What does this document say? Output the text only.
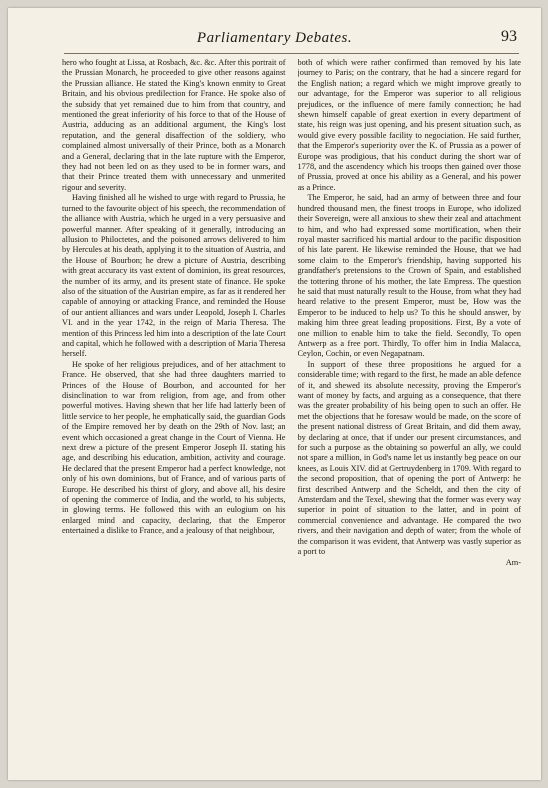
Parliamentary Debates.	93

hero who fought at Lissa, at Rosbach, &c. &c. After this portrait of the Prussian Monarch, he proceeded to give other reasons against the Prussian alliance. He stated the King's known enmity to Great Britain, and his obvious predilection for France. He spoke also of the subsidy that yet remained due to him from that country, and mentioned the great inferiority of his force to that of the House of Austria, adducing as an additional argument, the King's lost reputation, and the general disaffection of the soldiery, who complained almost universally of their Prince, both as a Monarch and a General, declaring that in the late rupture with the Emperor, they had not been led on as they used to be in former wars, and that their Prince treated them with unnecessary and unmerited rigour and severity.

Having finished all he wished to urge with regard to Prussia, he turned to the favourite object of his speech, the recommendation of the alliance with Austria, which he urged in a very persuasive and powerful manner. After speaking of it generally, introducing an allusion to Philoctetes, and the poisoned arrows delivered to him by Hercules at his death, applying it to the situation of Austria, and the House of Bourbon; he drew a picture of Austria, describing with great accuracy its vast extent of dominion, its great resources, the number of its army, and its present state of finance. He spoke also of the situation of the Austrian empire, as far as it rendered her capable of annoying or attacking France, and reminded the House of our antient alliances and wars under Leopold, Joseph I. Charles VI. and in the year 1742, in the reign of Maria Theresa. The mention of this Princess led him into a description of the late Court and capital, which he followed with a description of Maria Theresa herself.

He spoke of her religious prejudices, and of her attachment to France. He observed, that she had three daughters married to Princes of the House of Bourbon, and accounted for her disinclination to war from religion, from age, and from other powerful motives. Having shewn that her life had latterly been of little service to her people, he emphatically said, the guardian Gods of the Empire removed her by death on the 29th of Nov. last; an event which occasioned a great change in the Court of Vienna. He next drew a picture of the present Emperor Joseph II. stating his age, and describing his education, ambition, activity and courage. He declared that the present Emperor had a perfect knowledge, not only of his own dominions, but of France, and of various parts of Europe. He described his thirst of glory, and above all, his desire of opening the commerce of India, and the world, to his subjects, in glowing terms. He followed this with an eulogium on his enlarged mind and capacity, declaring, that the Emperor entertained a dislike to France, and a jealousy of that neighbour,

both of which were rather confirmed than removed by his late journey to Paris; on the contrary, that he had a sincere regard for the English nation; a regard which we might improve greatly to our advantage, for the Emperor was superior to all religious prejudices, or the influence of mere family connection; he had shewn himself capable of great exertion in every department of state, his reign was just opening, and his present situation such, as would give every possible facility to negociation. He said further, that the Emperor's superiority over the K. of Prussia as a power of Europe was prodigious, that his conduct during the short war of 1778, and the ascendency which his troops then gained over those of Prussia, proved at once his ability as a General, and his power as a Prince.

The Emperor, he said, had an army of between three and four hundred thousand men, the finest troops in Europe, who idolized their Sovereign, were all anxious to shew their zeal and attachment to him, and who had expressed some mortification, when their royal master sacrificed his martial ardour to the pacific disposition of his late parent. He likewise reminded the House, that we had some claim to the Emperor's friendship, having supported his grandfather's pretensions to the Crown of Spain, and established the tottering throne of his mother, the late Empress. The question he said that must naturally result to the House, from what they had heard relative to the present Emperor, must be, How was the Emperor to be induced to help us? To this he should answer, by making him three great leading propositions. First, By a vote of one million to enable him to take the field. Secondly, To open Antwerp as a free port. Thirdly, To offer him in India Malacca, Ceylon, Cochin, or even Negapatnam.

In support of these three propositions he argued for a considerable time; with regard to the first, he made an able defence of it, and shewed its absolute necessity, proving the Emperor's want of money by facts, and arguing as a consequence, that there was the greater probability of his being open to such an offer. He met the objections that he foresaw would be made, on the score of the present national distress of Great Britain, and did them away, by declaring at once, that if under our present circumstances, and for such a purpose as the obtaining so powerful an ally, we could not spare a million, in God's name let us instantly beg peace on our knees, as Louis XIV. did at Gertruydenberg in 1709. With regard to the second proposition, that of opening the port of Antwerp: he first described Antwerp and the Scheldt, and then the city of Amsterdam and the Texel, shewing that the former was every way superior in point of situation to the latter, and in point of commercial convenience and advantage. He compared the two rivers, and their navigation and depth of water; from the whole of the comparison it was evident, that Antwerp was vastly superior as a port to

Am-
